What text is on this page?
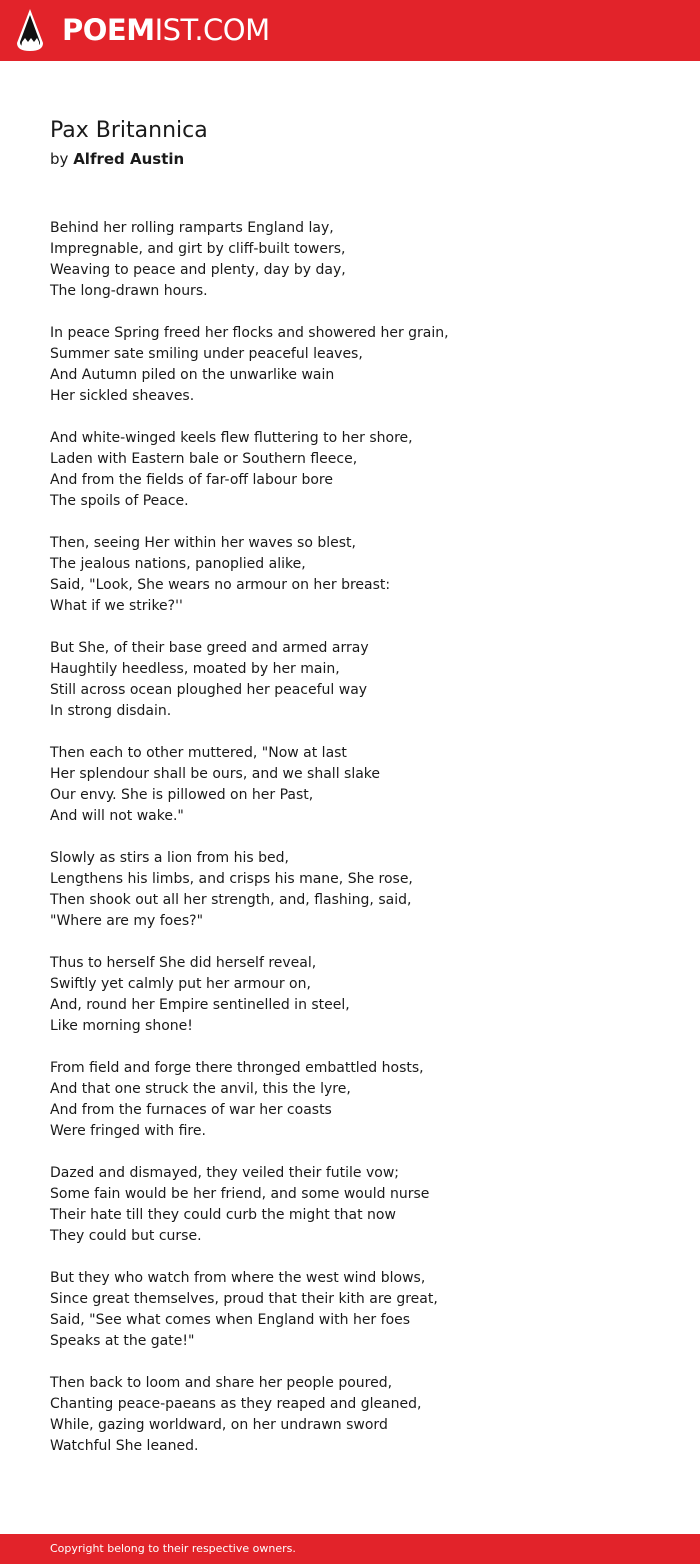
POEMIST.COM
Pax Britannica
by Alfred Austin
Behind her rolling ramparts England lay,
Impregnable, and girt by cliff-built towers,
Weaving to peace and plenty, day by day,
The long-drawn hours.
In peace Spring freed her flocks and showered her grain,
Summer sate smiling under peaceful leaves,
And Autumn piled on the unwarlike wain
Her sickled sheaves.
And white-winged keels flew fluttering to her shore,
Laden with Eastern bale or Southern fleece,
And from the fields of far-off labour bore
The spoils of Peace.
Then, seeing Her within her waves so blest,
The jealous nations, panoplied alike,
Said, "Look, She wears no armour on her breast:
What if we strike?''
But She, of their base greed and armed array
Haughtily heedless, moated by her main,
Still across ocean ploughed her peaceful way
In strong disdain.
Then each to other muttered, "Now at last
Her splendour shall be ours, and we shall slake
Our envy. She is pillowed on her Past,
And will not wake."
Slowly as stirs a lion from his bed,
Lengthens his limbs, and crisps his mane, She rose,
Then shook out all her strength, and, flashing, said,
"Where are my foes?"
Thus to herself She did herself reveal,
Swiftly yet calmly put her armour on,
And, round her Empire sentinelled in steel,
Like morning shone!
From field and forge there thronged embattled hosts,
And that one struck the anvil, this the lyre,
And from the furnaces of war her coasts
Were fringed with fire.
Dazed and dismayed, they veiled their futile vow;
Some fain would be her friend, and some would nurse
Their hate till they could curb the might that now
They could but curse.
But they who watch from where the west wind blows,
Since great themselves, proud that their kith are great,
Said, "See what comes when England with her foes
Speaks at the gate!"
Then back to loom and share her people poured,
Chanting peace-paeans as they reaped and gleaned,
While, gazing worldward, on her undrawn sword
Watchful She leaned.
Copyright belong to their respective owners.
